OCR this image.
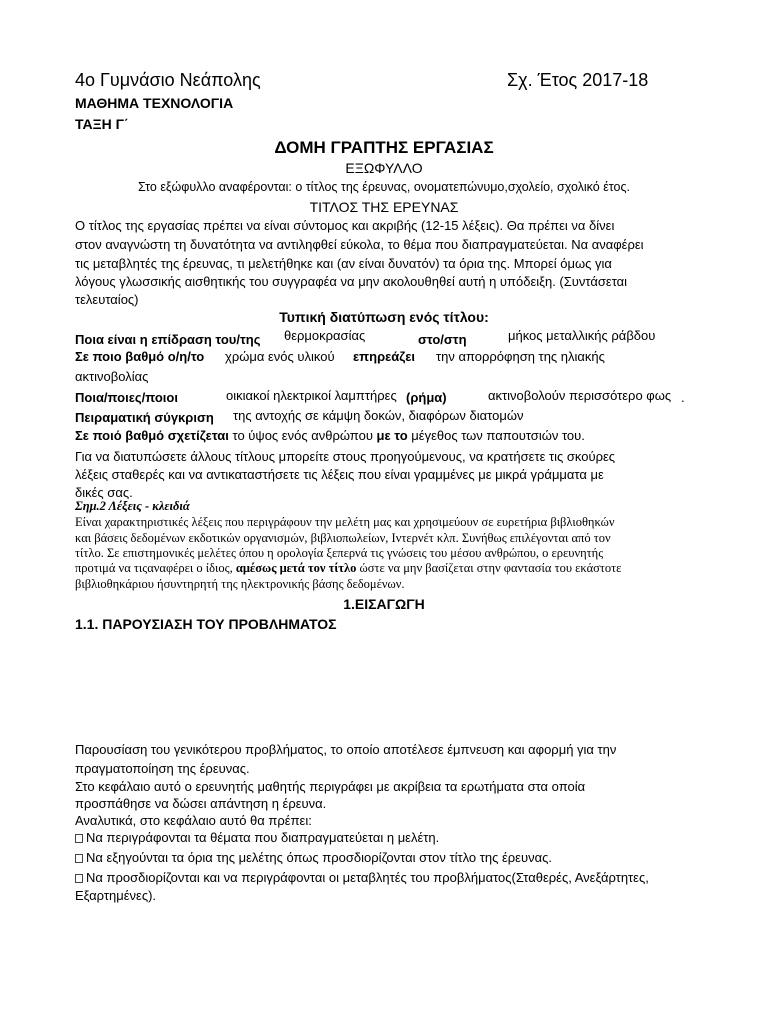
4ο Γυμνάσιο Νεάπολης	Σχ. Έτος 2017-18
ΜΑΘΗΜΑ ΤΕΧΝΟΛΟΓΙΑ
ΤΑΞΗ Γ΄
ΔΟΜΗ ΓΡΑΠΤΗΣ ΕΡΓΑΣΙΑΣ
ΕΞΩΦΥΛΛΟ
Στο εξώφυλλο αναφέρονται: ο τίτλος της έρευνας, ονοματεπώνυμο,σχολείο, σχολικό έτος.
ΤΙΤΛΟΣ ΤΗΣ ΕΡΕΥΝΑΣ
Ο τίτλος της εργασίας πρέπει να είναι σύντομος και ακριβής (12-15 λέξεις). Θα πρέπει να δίνει
στον αναγνώστη τη δυνατότητα να αντιληφθεί εύκολα, το θέμα που διαπραγματεύεται. Να αναφέρει
τις μεταβλητές της έρευνας, τι μελετήθηκε και (αν είναι δυνατόν) τα όρια της. Μπορεί όμως για
λόγους γλωσσικής αισθητικής του συγγραφέα να μην ακολουθηθεί αυτή η υπόδειξη. (Συντάσεται
τελευταίος)
Τυπική διατύπωση ενός τίτλου:
Ποια είναι η επίδραση του/της θερμοκρασίας	στο/στη	μήκος μεταλλικής ράβδου
Σε ποιο βαθμό ο/η/το χρώμα ενός υλικού επηρεάζει την απορρόφηση της ηλιακής
ακτινοβολίας
Ποια/ποιες/ποιοι	οικιακοί ηλεκτρικοί λαμπτήρες (ρήμα)	ακτινοβολούν περισσότερο φως .
Πειραματική σύγκριση της αντοχής σε κάμψη δοκών, διαφόρων διατομών
Σε ποιό βαθμό σχετίζεται το ύψος ενός ανθρώπου με το μέγεθος των παπουτσιών του.
Για να διατυπώσετε άλλους τίτλους μπορείτε στους προηγούμενους, να κρατήσετε τις σκούρες
λέξεις σταθερές και να αντικαταστήσετε τις λέξεις που είναι γραμμένες με μικρά γράμματα με
δικές σας.
Σημ.2 Λέξεις - κλειδιά
Είναι χαρακτηριστικές λέξεις που περιγράφουν την μελέτη μας και χρησιμεύουν σε ευρετήρια βιβλιοθηκών
και βάσεις δεδομένων εκδοτικών οργανισμών, βιβλιοπωλείων, Ιντερνέτ κλπ. Συνήθως επιλέγονται από τον
τίτλο. Σε επιστημονικές μελέτες όπου η ορολογία ξεπερνά τις γνώσεις του μέσου ανθρώπου, ο ερευνητής
προτιμά να τιςαναφέρει ο ίδιος, αμέσως μετά τον τίτλο ώστε να μην βασίζεται στην φαντασία του εκάστοτε
βιβλιοθηκάριου ήσυντηρητή της ηλεκτρονικής βάσης δεδομένων.
1.ΕΙΣΑΓΩΓΗ
1.1. ΠΑΡΟΥΣΙΑΣΗ ΤΟΥ ΠΡΟΒΛΗΜΑΤΟΣ
Παρουσίαση του γενικότερου προβλήματος, το οποίο αποτέλεσε έμπνευση και αφορμή για την
πραγματοποίηση της έρευνας.
Στο κεφάλαιο αυτό ο ερευνητής μαθητής περιγράφει με ακρίβεια τα ερωτήματα στα οποία
προσπάθησε να δώσει απάντηση η έρευνα.
Αναλυτικά, στο κεφάλαιο αυτό θα πρέπει:
Να περιγράφονται τα θέματα που διαπραγματεύεται η μελέτη.
Να εξηγούνται τα όρια της μελέτης όπως προσδιορίζονται στον τίτλο της έρευνας.
Να προσδιορίζονται και να περιγράφονται οι μεταβλητές του προβλήματος(Σταθερές, Ανεξάρτητες,
Εξαρτημένες).
